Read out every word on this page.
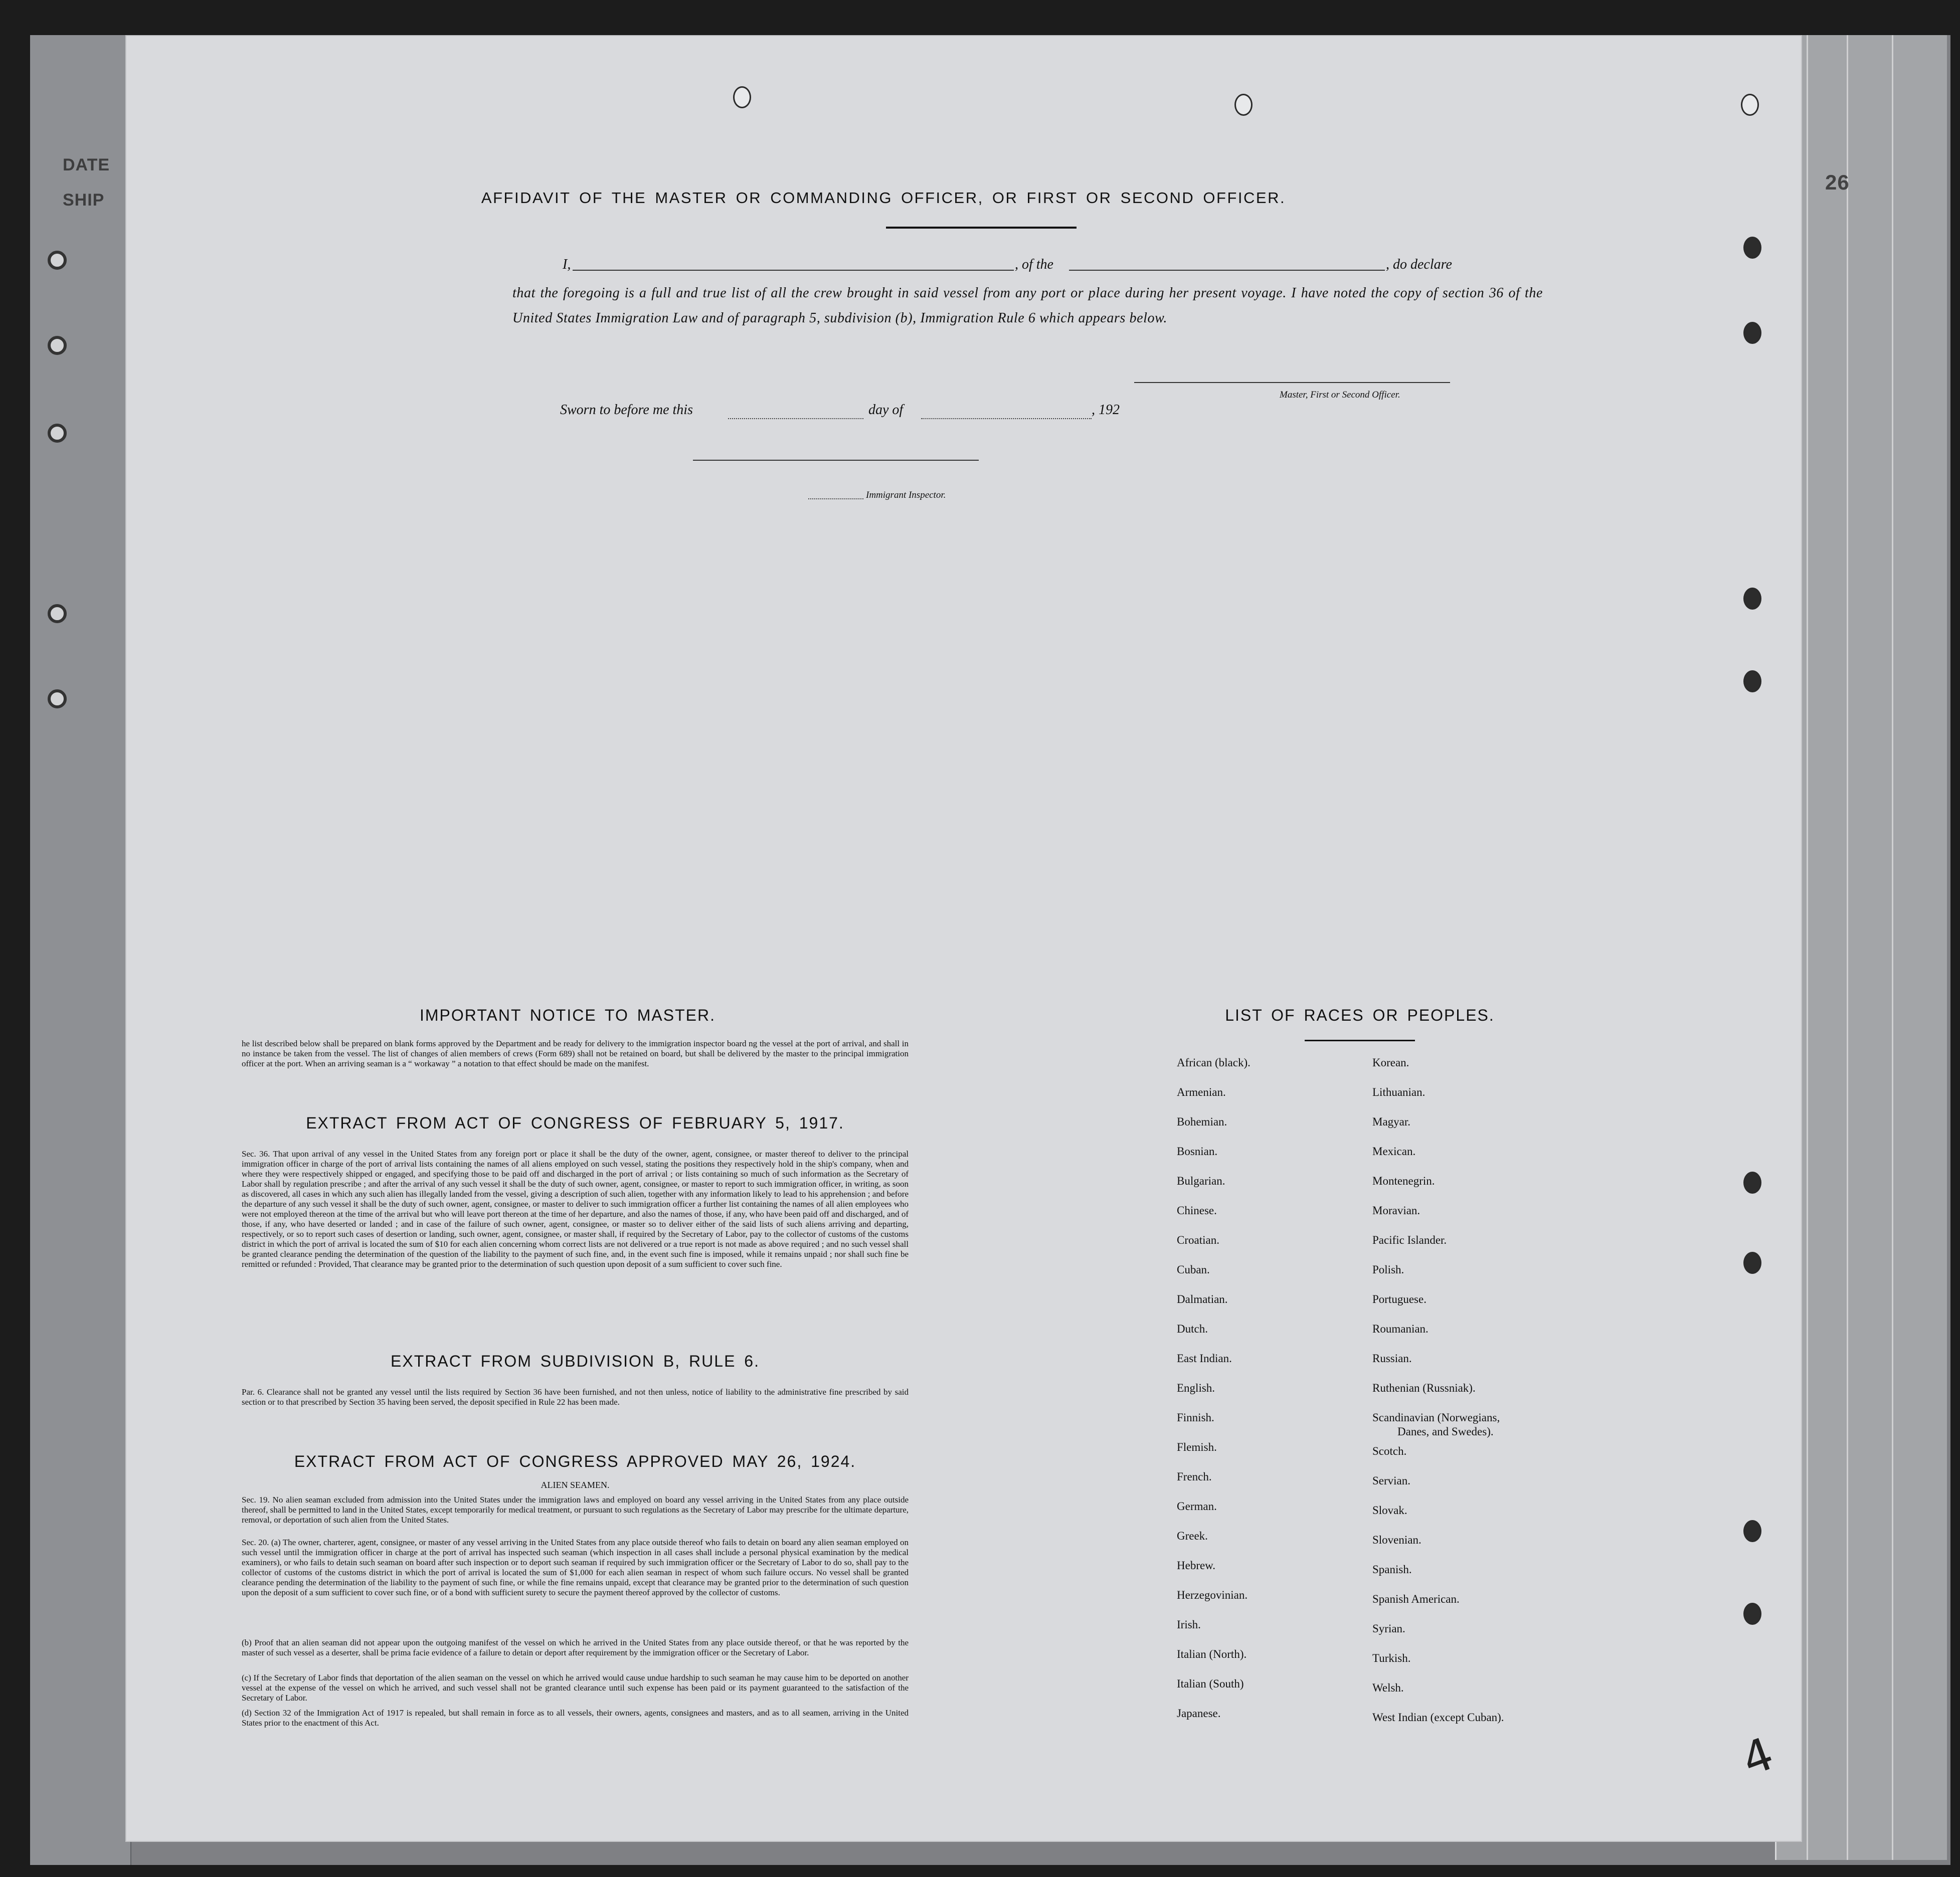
DATE
SHIP
26
AFFIDAVIT OF THE MASTER OR COMMANDING OFFICER, OR FIRST OR SECOND OFFICER.
I,	, of the	, do declare
that the foregoing is a full and true list of all the crew brought in said vessel from any port or place during her present voyage. I have noted the copy of section 36 of the United States Immigration Law and of paragraph 5, subdivision (b), Immigration Rule 6 which appears below.
Master, First or Second Officer.
Sworn to before me this	day of	, 192
Immigrant Inspector.
IMPORTANT NOTICE TO MASTER.
he list described below shall be prepared on blank forms approved by the Department and be ready for delivery to the immigration inspector board ng the vessel at the port of arrival, and shall in no instance be taken from the vessel. The list of changes of alien members of crews (Form 689) shall not be retained on board, but shall be delivered by the master to the principal immigration officer at the port. When an arriving seaman is a “ workaway ” a notation to that effect should be made on the manifest.
EXTRACT FROM ACT OF CONGRESS OF FEBRUARY 5, 1917.
Sec. 36. That upon arrival of any vessel in the United States from any foreign port or place it shall be the duty of the owner, agent, consignee, or master thereof to deliver to the principal immigration officer in charge of the port of arrival lists containing the names of all aliens employed on such vessel, stating the positions they respectively hold in the ship's company, when and where they were respectively shipped or engaged, and specifying those to be paid off and discharged in the port of arrival ; or lists containing so much of such information as the Secretary of Labor shall by regulation prescribe ; and after the arrival of any such vessel it shall be the duty of such owner, agent, consignee, or master to report to such immigration officer, in writing, as soon as discovered, all cases in which any such alien has illegally landed from the vessel, giving a description of such alien, together with any information likely to lead to his apprehension ; and before the departure of any such vessel it shall be the duty of such owner, agent, consignee, or master to deliver to such immigration officer a further list containing the names of all alien employees who were not employed thereon at the time of the arrival but who will leave port thereon at the time of her departure, and also the names of those, if any, who have been paid off and discharged, and of those, if any, who have deserted or landed ; and in case of the failure of such owner, agent, consignee, or master so to deliver either of the said lists of such aliens arriving and departing, respectively, or so to report such cases of desertion or landing, such owner, agent, consignee, or master shall, if required by the Secretary of Labor, pay to the collector of customs of the customs district in which the port of arrival is located the sum of $10 for each alien concerning whom correct lists are not delivered or a true report is not made as above required ; and no such vessel shall be granted clearance pending the determination of the question of the liability to the payment of such fine, and, in the event such fine is imposed, while it remains unpaid ; nor shall such fine be remitted or refunded : Provided, That clearance may be granted prior to the determination of such question upon deposit of a sum sufficient to cover such fine.
EXTRACT FROM SUBDIVISION B, RULE 6.
Par. 6. Clearance shall not be granted any vessel until the lists required by Section 36 have been furnished, and not then unless, notice of liability to the administrative fine prescribed by said section or to that prescribed by Section 35 having been served, the deposit specified in Rule 22 has been made.
EXTRACT FROM ACT OF CONGRESS APPROVED MAY 26, 1924.
ALIEN SEAMEN.
Sec. 19. No alien seaman excluded from admission into the United States under the immigration laws and employed on board any vessel arriving in the United States from any place outside thereof, shall be permitted to land in the United States, except temporarily for medical treatment, or pursuant to such regulations as the Secretary of Labor may prescribe for the ultimate departure, removal, or deportation of such alien from the United States.
Sec. 20. (a) The owner, charterer, agent, consignee, or master of any vessel arriving in the United States from any place outside thereof who fails to detain on board any alien seaman employed on such vessel until the immigration officer in charge at the port of arrival has inspected such seaman (which inspection in all cases shall include a personal physical examination by the medical examiners), or who fails to detain such seaman on board after such inspection or to deport such seaman if required by such immigration officer or the Secretary of Labor to do so, shall pay to the collector of customs of the customs district in which the port of arrival is located the sum of $1,000 for each alien seaman in respect of whom such failure occurs. No vessel shall be granted clearance pending the determination of the liability to the payment of such fine, or while the fine remains unpaid, except that clearance may be granted prior to the determination of such question upon the deposit of a sum sufficient to cover such fine, or of a bond with sufficient surety to secure the payment thereof approved by the collector of customs.
(b) Proof that an alien seaman did not appear upon the outgoing manifest of the vessel on which he arrived in the United States from any place outside thereof, or that he was reported by the master of such vessel as a deserter, shall be prima facie evidence of a failure to detain or deport after requirement by the immigration officer or the Secretary of Labor.
(c) If the Secretary of Labor finds that deportation of the alien seaman on the vessel on which he arrived would cause undue hardship to such seaman he may cause him to be deported on another vessel at the expense of the vessel on which he arrived, and such vessel shall not be granted clearance until such expense has been paid or its payment guaranteed to the satisfaction of the Secretary of Labor.
(d) Section 32 of the Immigration Act of 1917 is repealed, but shall remain in force as to all vessels, their owners, agents, consignees and masters, and as to all seamen, arriving in the United States prior to the enactment of this Act.
LIST OF RACES OR PEOPLES.
African (black).
Armenian.
Bohemian.
Bosnian.
Bulgarian.
Chinese.
Croatian.
Cuban.
Dalmatian.
Dutch.
East Indian.
English.
Finnish.
Flemish.
French.
German.
Greek.
Hebrew.
Herzegovinian.
Irish.
Italian (North).
Italian (South)
Japanese.
Korean.
Lithuanian.
Magyar.
Mexican.
Montenegrin.
Moravian.
Pacific Islander.
Polish.
Portuguese.
Roumanian.
Russian.
Ruthenian (Russniak).
Scandinavian (Norwegians,
Scotch.
Servian.
Slovak.
Slovenian.
Spanish.
Spanish American.
Syrian.
Turkish.
Welsh.
West Indian (except Cuban).
Danes, and Swedes).
4
